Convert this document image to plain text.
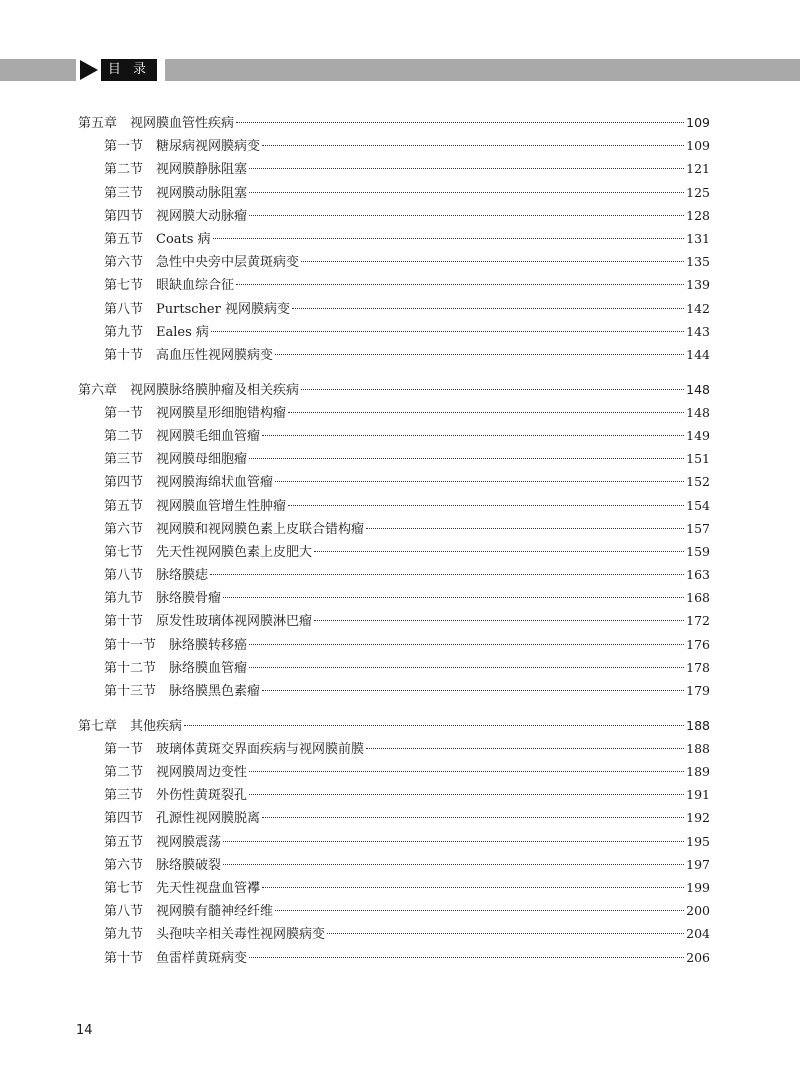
目 录
第五章 视网膜血管性疾病	109
第一节 糖尿病视网膜病变	109
第二节 视网膜静脉阻塞	121
第三节 视网膜动脉阻塞	125
第四节 视网膜大动脉瘤	128
第五节 Coats 病	131
第六节 急性中央旁中层黄斑病变	135
第七节 眼缺血综合征	139
第八节 Purtscher 视网膜病变	142
第九节 Eales 病	143
第十节 高血压性视网膜病变	144
第六章 视网膜脉络膜肿瘤及相关疾病	148
第一节 视网膜星形细胞错构瘤	148
第二节 视网膜毛细血管瘤	149
第三节 视网膜母细胞瘤	151
第四节 视网膜海绵状血管瘤	152
第五节 视网膜血管增生性肿瘤	154
第六节 视网膜和视网膜色素上皮联合错构瘤	157
第七节 先天性视网膜色素上皮肥大	159
第八节 脉络膜痣	163
第九节 脉络膜骨瘤	168
第十节 原发性玻璃体视网膜淋巴瘤	172
第十一节 脉络膜转移癌	176
第十二节 脉络膜血管瘤	178
第十三节 脉络膜黑色素瘤	179
第七章 其他疾病	188
第一节 玻璃体黄斑交界面疾病与视网膜前膜	188
第二节 视网膜周边变性	189
第三节 外伤性黄斑裂孔	191
第四节 孔源性视网膜脱离	192
第五节 视网膜震荡	195
第六节 脉络膜破裂	197
第七节 先天性视盘血管襻	199
第八节 视网膜有髓神经纤维	200
第九节 头孢呋辛相关毒性视网膜病变	204
第十节 鱼雷样黄斑病变	206
14
